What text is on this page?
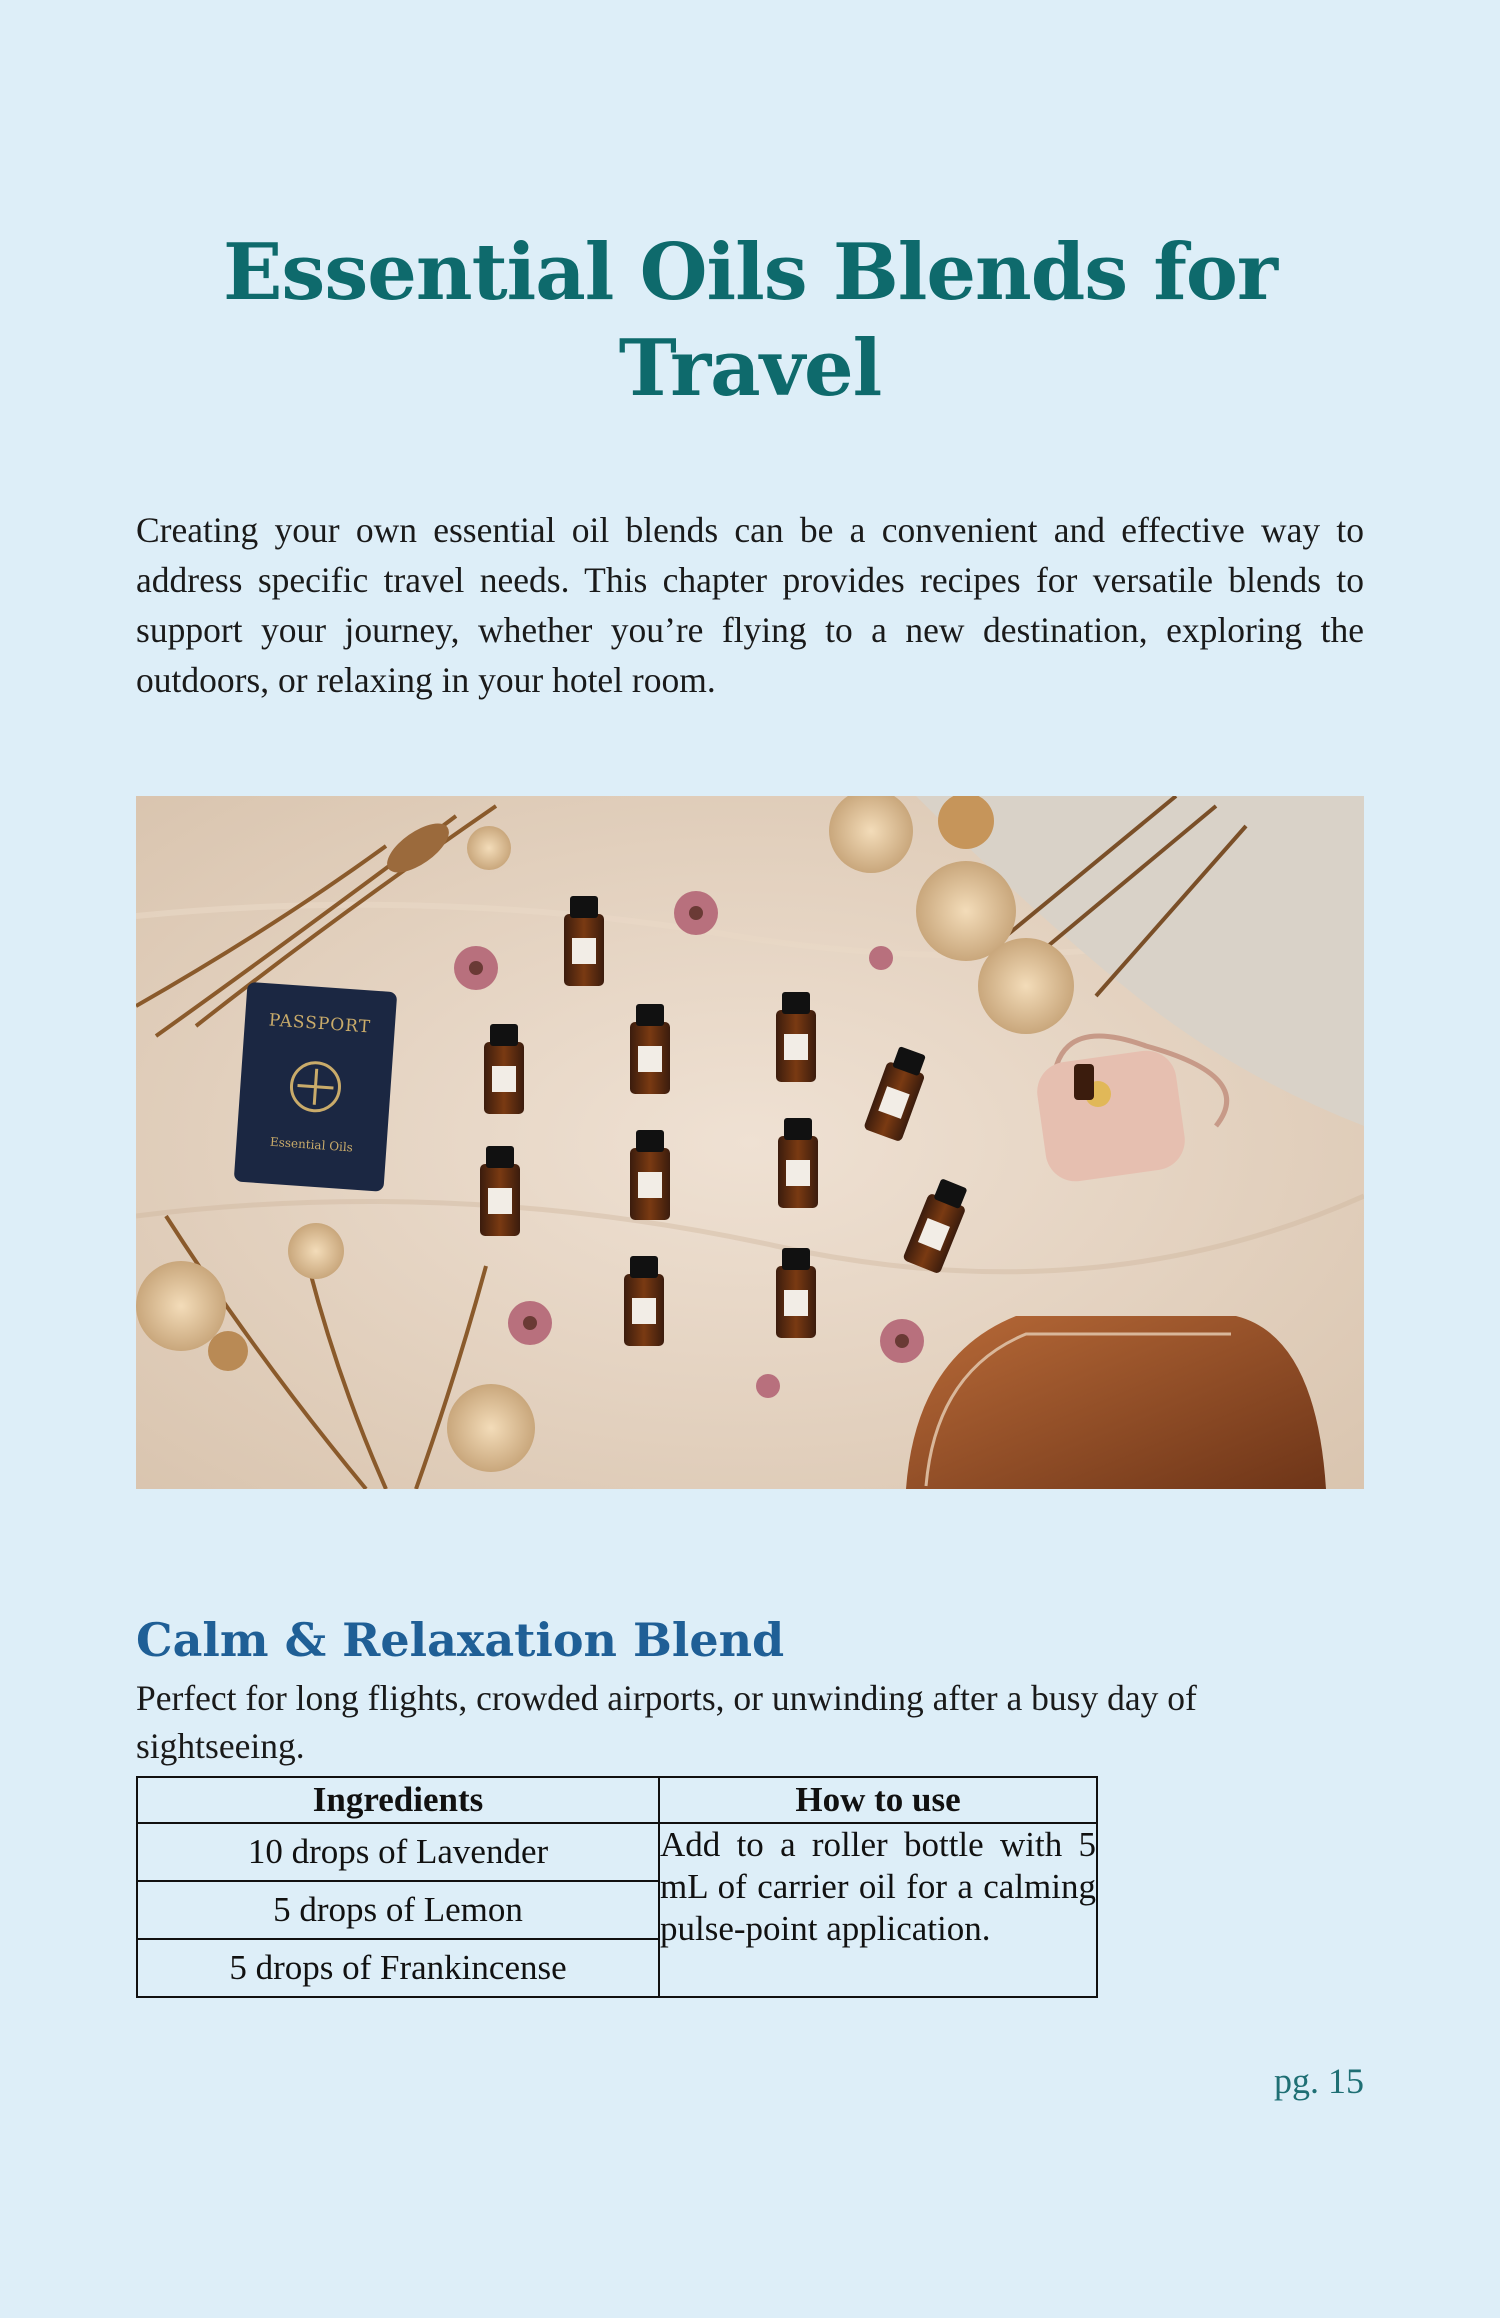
Essential Oils Blends for Travel
Creating your own essential oil blends can be a convenient and effective way to address specific travel needs. This chapter provides recipes for versatile blends to support your journey, whether you’re flying to a new destination, exploring the outdoors, or relaxing in your hotel room.
PASSPORT
Essential Oils
Calm & Relaxation Blend
Perfect for long flights, crowded airports, or unwinding after a busy day of sightseeing.
Ingredients	How to use
10 drops of Lavender	Add to a roller bottle with 5 mL of carrier oil for a calming pulse-point application.
5 drops of Lemon	
5 drops of Frankincense	
pg. 15
